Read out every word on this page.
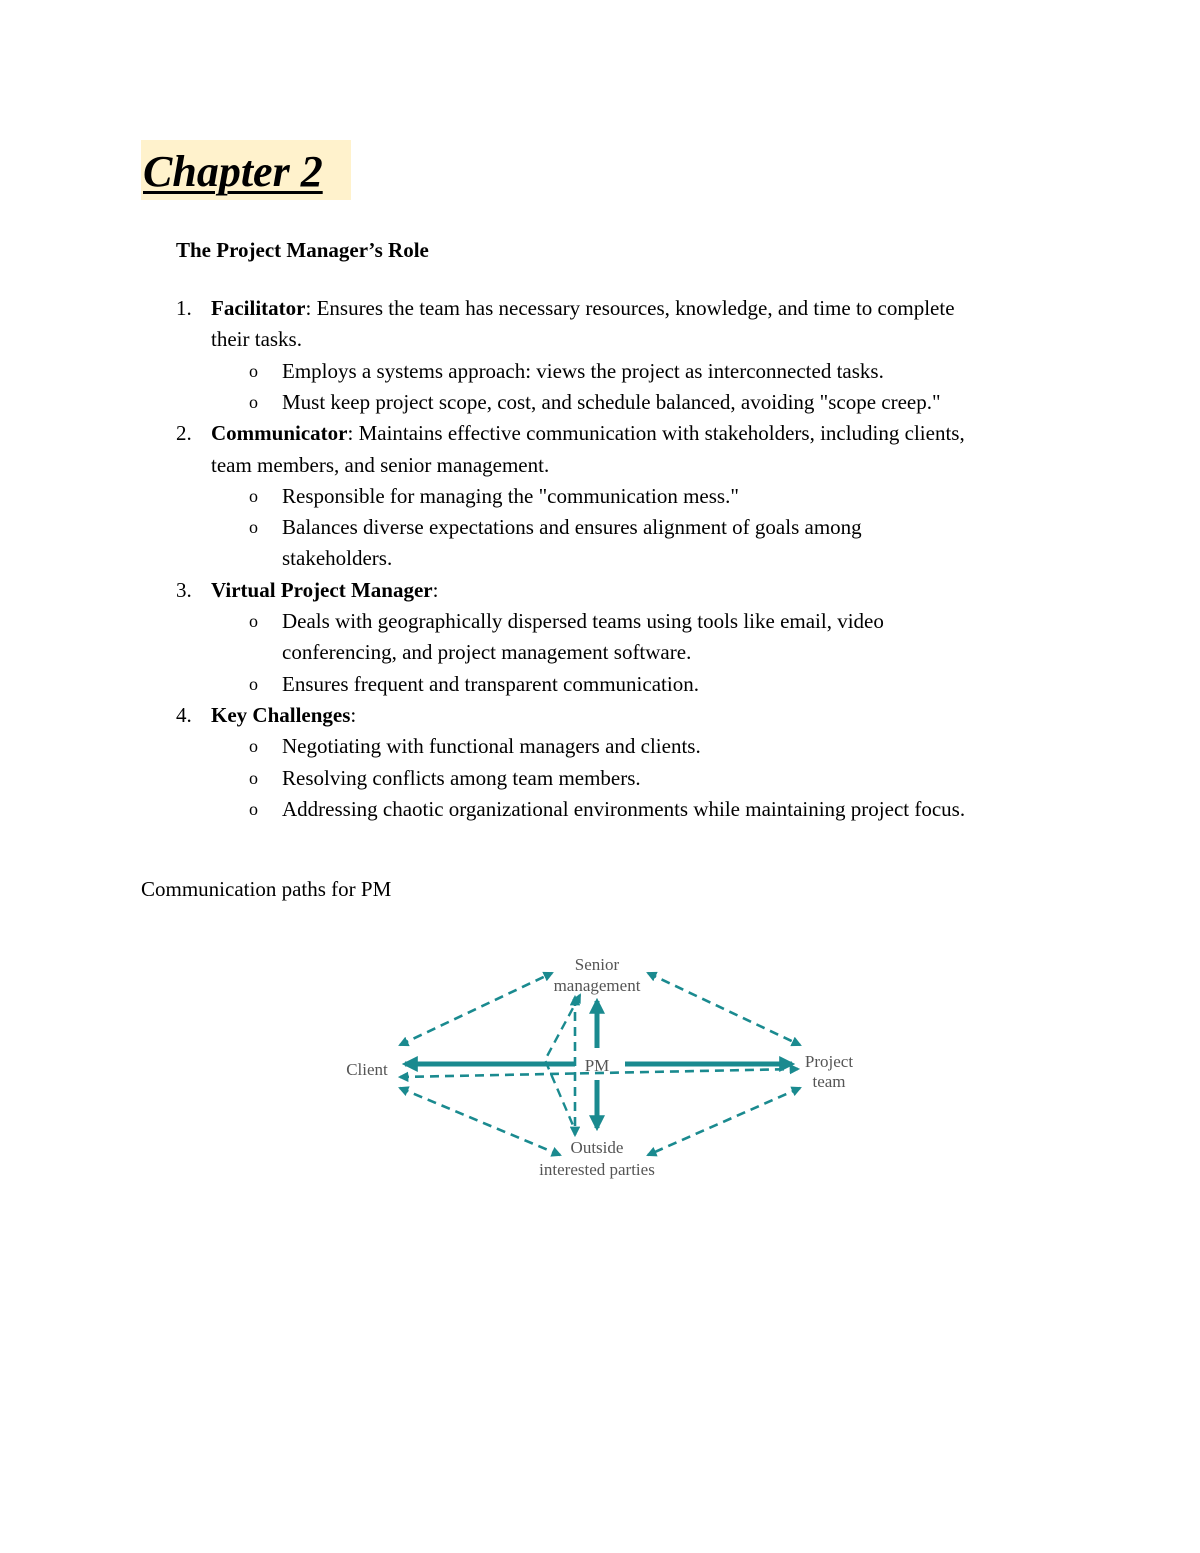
Chapter 2
The Project Manager’s Role
1. Facilitator: Ensures the team has necessary resources, knowledge, and time to complete
their tasks.
o Employs a systems approach: views the project as interconnected tasks.
o Must keep project scope, cost, and schedule balanced, avoiding "scope creep."
2. Communicator: Maintains effective communication with stakeholders, including clients,
team members, and senior management.
o Responsible for managing the "communication mess."
o Balances diverse expectations and ensures alignment of goals among
stakeholders.
3. Virtual Project Manager:
o Deals with geographically dispersed teams using tools like email, video
conferencing, and project management software.
o Ensures frequent and transparent communication.
4. Key Challenges:
o Negotiating with functional managers and clients.
o Resolving conflicts among team members.
o Addressing chaotic organizational environments while maintaining project focus.
Communication paths for PM
Senior
management
Client	PM	Project
team
Outside
interested parties
